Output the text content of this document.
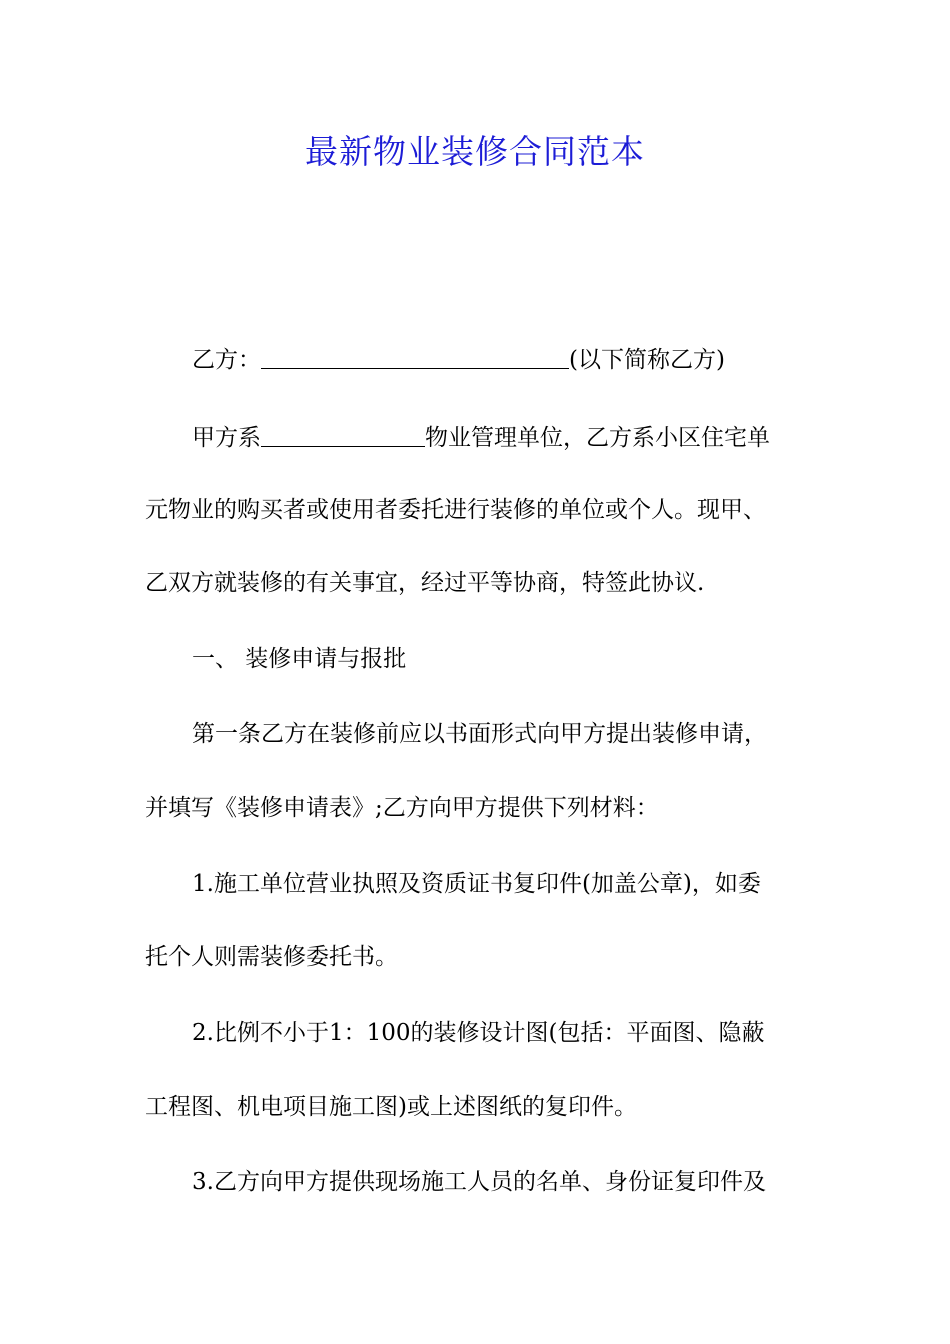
最新物业装修合同范本

乙方：	(以下简称乙方)

甲方系	物业管理单位，乙方系小区住宅单

元物业的购买者或使用者委托进行装修的单位或个人。现甲、

乙双方就装修的有关事宜，经过平等协商，特签此协议.

一、 装修申请与报批

第一条乙方在装修前应以书面形式向甲方提出装修申请，

并填写《装修申请表》;乙方向甲方提供下列材料：

1.施工单位营业执照及资质证书复印件(加盖公章)，如委

托个人则需装修委托书。

2.比例不小于1：100的装修设计图(包括：平面图、隐蔽

工程图、机电项目施工图)或上述图纸的复印件。

3.乙方向甲方提供现场施工人员的名单、身份证复印件及
